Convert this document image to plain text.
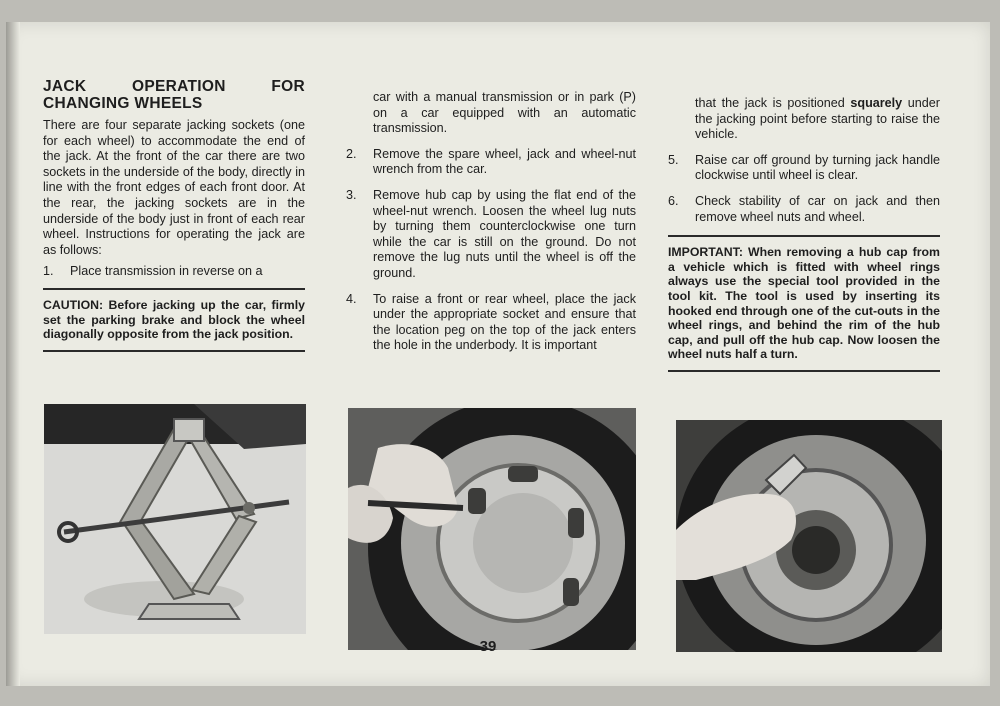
JACK OPERATION FOR CHANGING WHEELS

There are four separate jacking sockets (one for each wheel) to accommodate the end of the jack. At the front of the car there are two sockets in the underside of the body, directly in line with the front edges of each front door. At the rear, the jacking sockets are in the underside of the body just in front of each rear wheel. Instructions for operating the jack are as follows:

1.	Place transmission in reverse on a

CAUTION: Before jacking up the car, firmly set the parking brake and block the wheel diagonally opposite from the jack position.

car with a manual transmission or in park (P) on a car equipped with an automatic transmission.
2.	Remove the spare wheel, jack and wheel-nut wrench from the car.
3.	Remove hub cap by using the flat end of the wheel-nut wrench. Loosen the wheel lug nuts by turning them counterclockwise one turn while the car is still on the ground. Do not remove the lug nuts until the wheel is off the ground.
4.	To raise a front or rear wheel, place the jack under the appropriate socket and ensure that the location peg on the top of the jack enters the hole in the underbody. It is important
that the jack is positioned squarely under the jacking point before starting to raise the vehicle.
5.	Raise car off ground by turning jack handle clockwise until wheel is clear.
6.	Check stability of car on jack and then remove wheel nuts and wheel.

IMPORTANT: When removing a hub cap from a vehicle which is fitted with wheel rings always use the special tool provided in the tool kit. The tool is used by inserting its hooked end through one of the cut-outs in the wheel rings, and behind the rim of the hub cap, and pull off the hub cap. Now loosen the wheel nuts half a turn.

39
